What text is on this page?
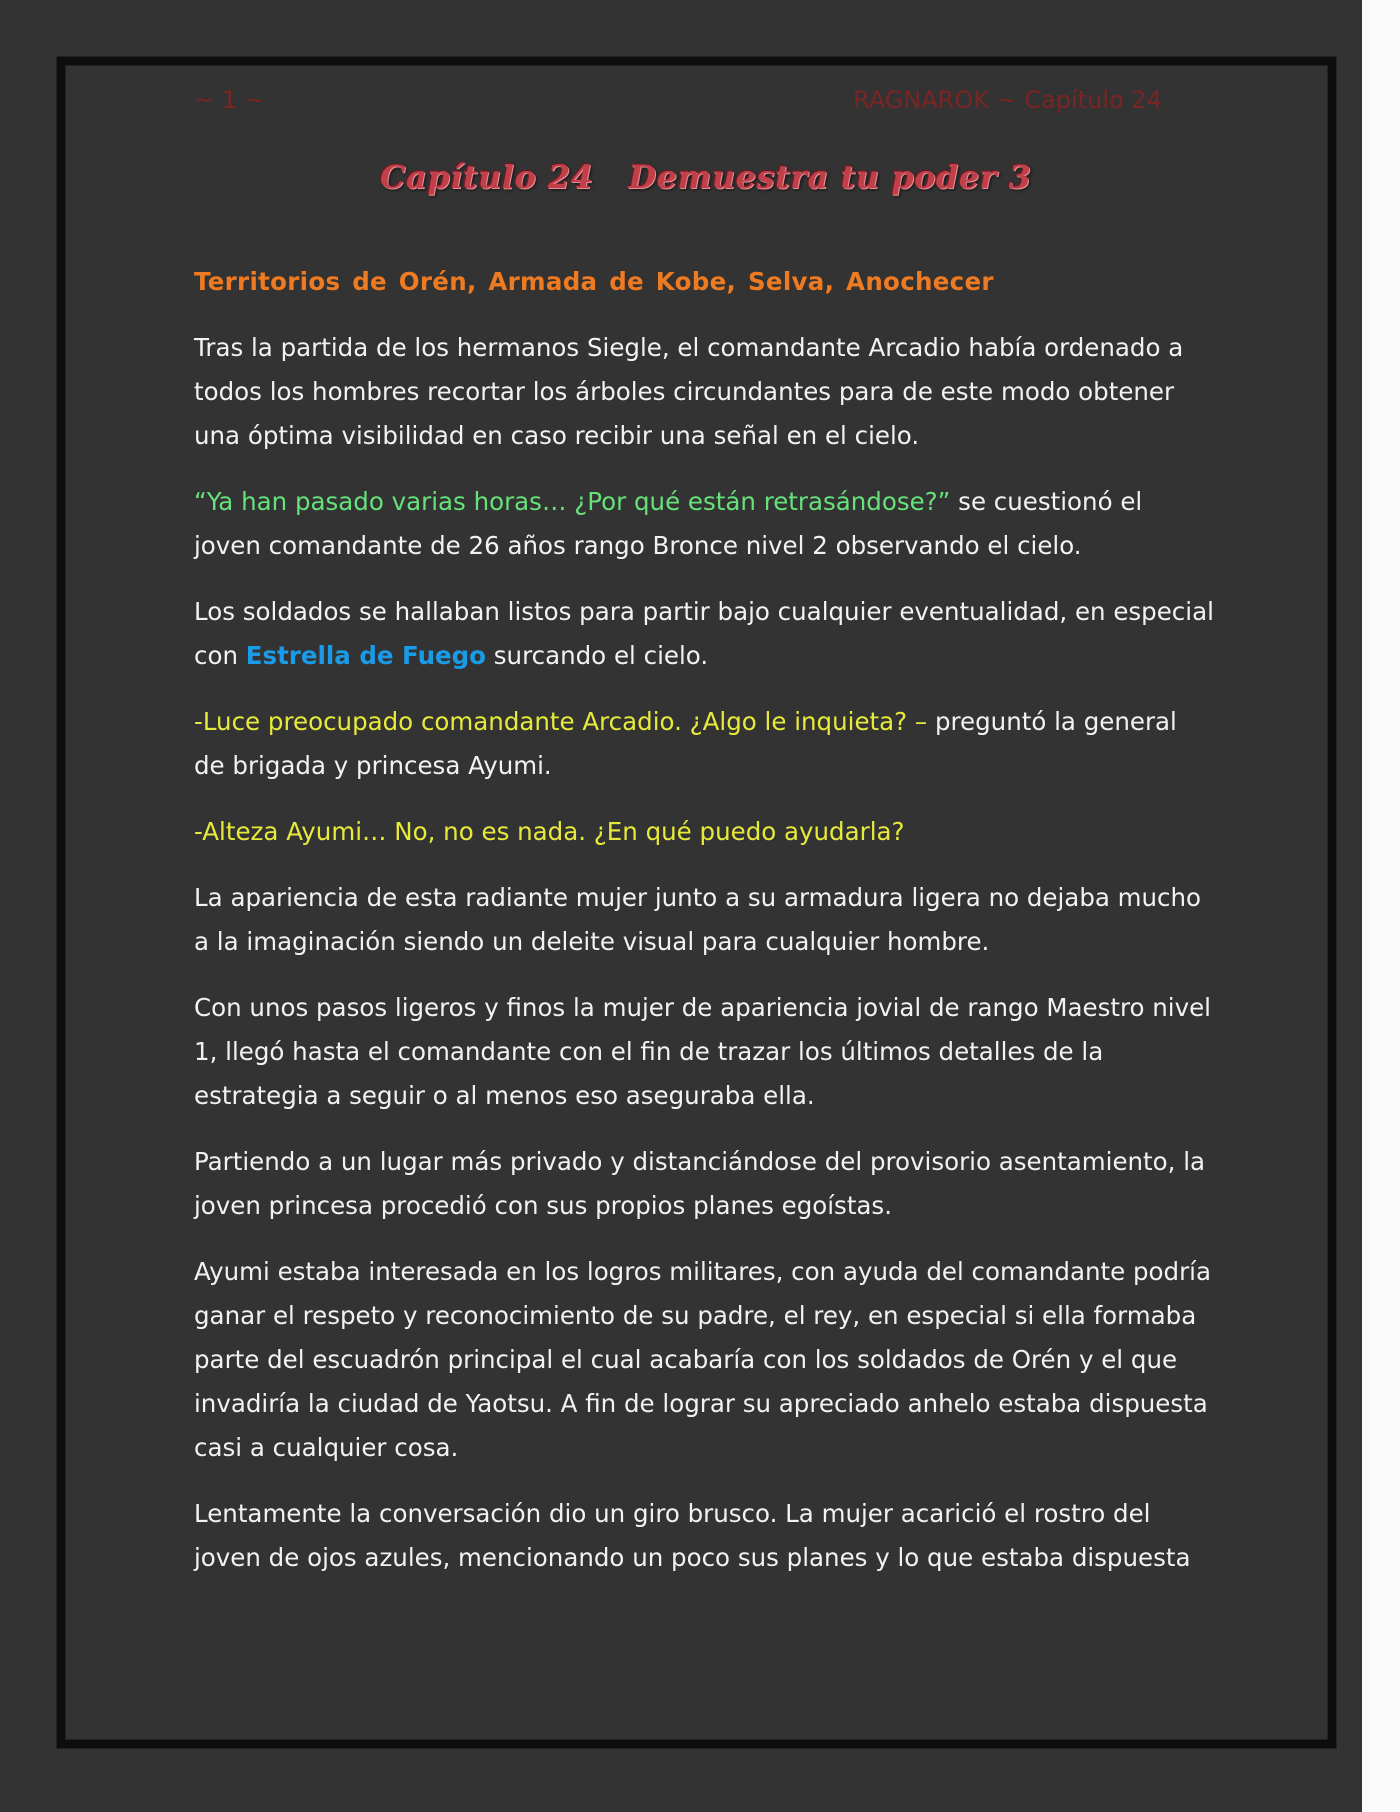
~ 1 ~	RAGNAROK ~ Capítulo 24
Capítulo 24   Demuestra tu poder 3

Territorios de Orén, Armada de Kobe, Selva, Anochecer

Tras la partida de los hermanos Siegle, el comandante Arcadio había ordenado a todos los hombres recortar los árboles circundantes para de este modo obtener una óptima visibilidad en caso recibir una señal en el cielo.

“Ya han pasado varias horas… ¿Por qué están retrasándose?” se cuestionó el joven comandante de 26 años rango Bronce nivel 2 observando el cielo.

Los soldados se hallaban listos para partir bajo cualquier eventualidad, en especial con Estrella de Fuego surcando el cielo.

-Luce preocupado comandante Arcadio. ¿Algo le inquieta? – preguntó la general de brigada y princesa Ayumi.

-Alteza Ayumi… No, no es nada. ¿En qué puedo ayudarla?

La apariencia de esta radiante mujer junto a su armadura ligera no dejaba mucho a la imaginación siendo un deleite visual para cualquier hombre.

Con unos pasos ligeros y finos la mujer de apariencia jovial de rango Maestro nivel 1, llegó hasta el comandante con el fin de trazar los últimos detalles de la estrategia a seguir o al menos eso aseguraba ella.

Partiendo a un lugar más privado y distanciándose del provisorio asentamiento, la joven princesa procedió con sus propios planes egoístas.

Ayumi estaba interesada en los logros militares, con ayuda del comandante podría ganar el respeto y reconocimiento de su padre, el rey, en especial si ella formaba parte del escuadrón principal el cual acabaría con los soldados de Orén y el que invadiría la ciudad de Yaotsu. A fin de lograr su apreciado anhelo estaba dispuesta casi a cualquier cosa.

Lentamente la conversación dio un giro brusco. La mujer acarició el rostro del joven de ojos azules, mencionando un poco sus planes y lo que estaba dispuesta
